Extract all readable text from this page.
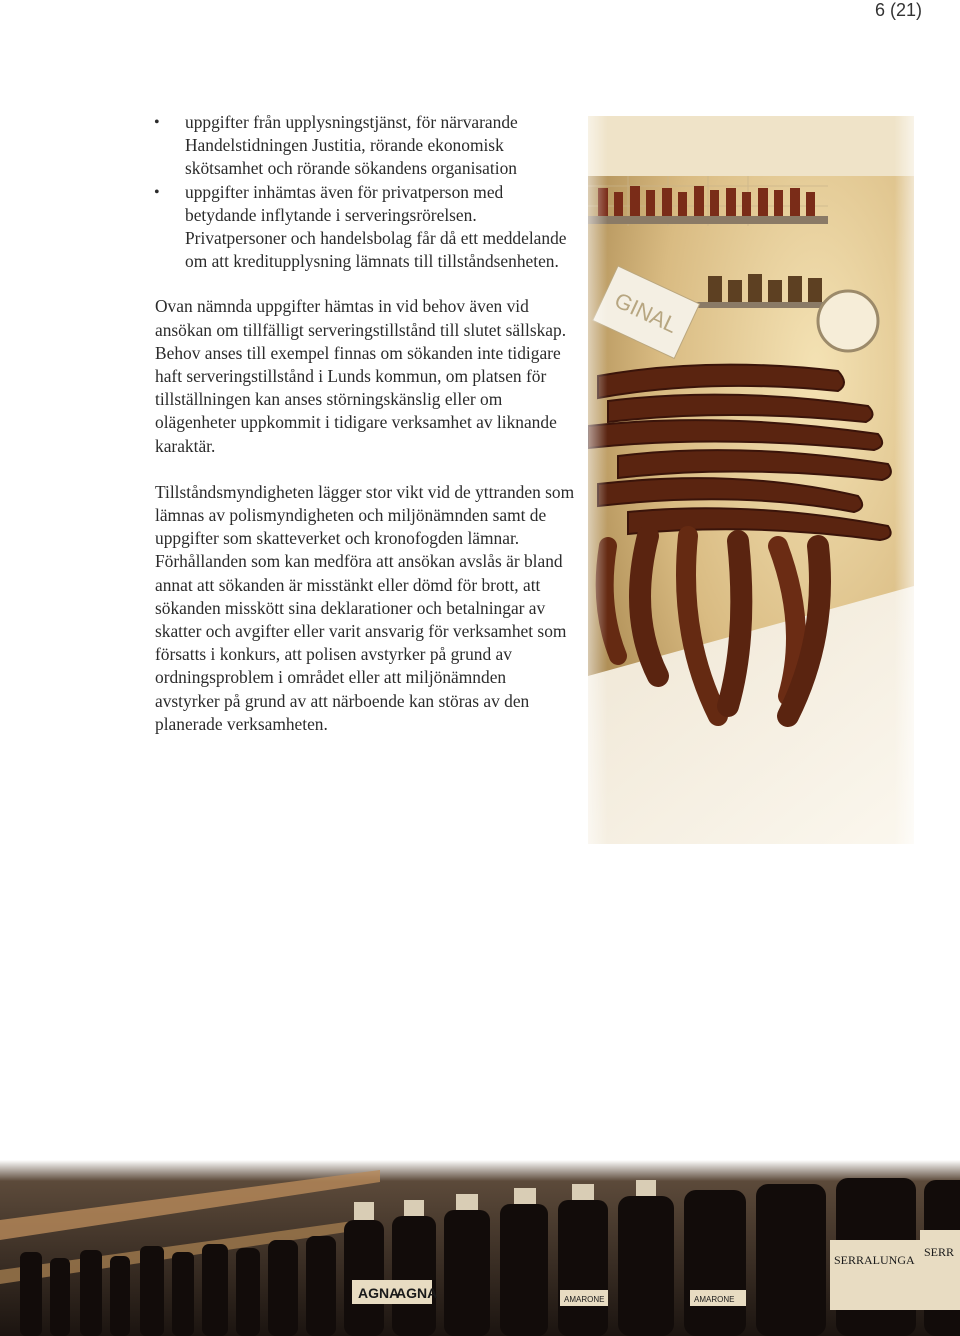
6 (21)
• uppgifter från upplysningstjänst, för närvarande Handelstidningen Justitia, rörande ekonomisk skötsamhet och rörande sökandens organisation
• uppgifter inhämtas även för privatperson med betydande inflytande i serveringsrörelsen. Privatpersoner och handelsbolag får då ett meddelande om att kreditupplysning lämnats till tillståndsenheten.

Ovan nämnda uppgifter hämtas in vid behov även vid ansökan om tillfälligt serveringstillstånd till slutet sällskap. Behov anses till exempel finnas om sökanden inte tidigare haft serveringstillstånd i Lunds kommun, om platsen för tillställningen kan anses störningskänslig eller om olägenheter uppkommit i tidigare verksamhet av liknande karaktär.

Tillståndsmyndigheten lägger stor vikt vid de yttranden som lämnas av polismyndigheten och miljönämnden samt de uppgifter som skatteverket och kronofogden lämnar. Förhållanden som kan medföra att ansökan avslås är bland annat att sökanden är misstänkt eller dömd för brott, att sökanden misskött sina deklarationer och betalningar av skatter och avgifter eller varit ansvarig för verksamhet som försatts i konkurs, att polisen avstyrker på grund av ordningsproblem i området eller att miljönämnden avstyrker på grund av att närboende kan störas av den planerade verksamheten.

AGNA
AGNA	AMARONE	AMARONE
SERRALUNGA
SERR
